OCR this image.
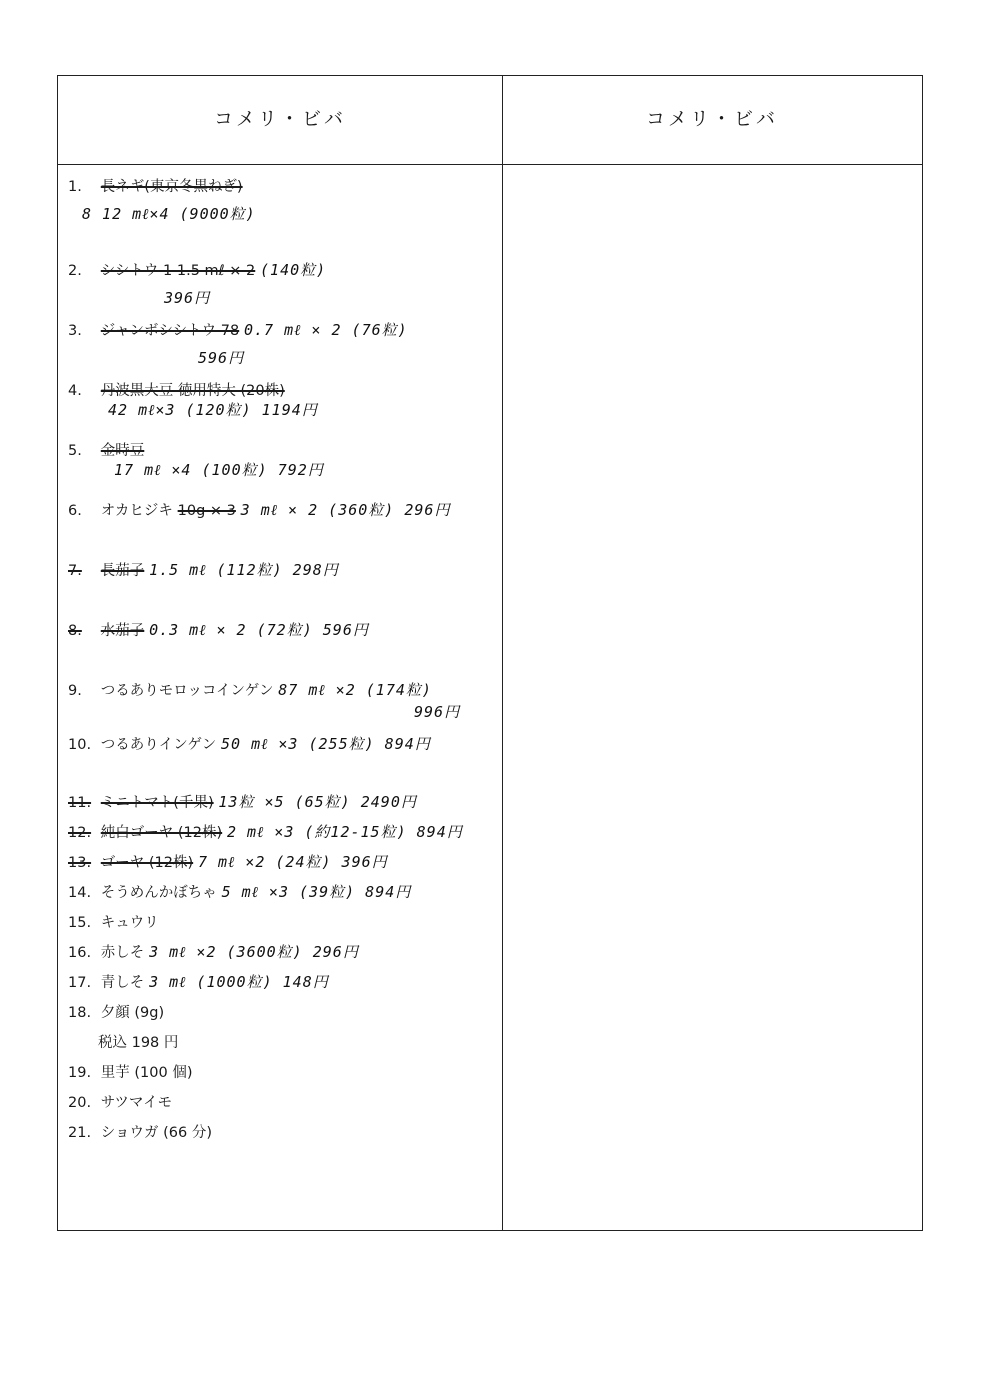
コメリ・ビバ	コメリ・ビバ
1. 長ネギ(東京冬黒ねぎ)
8 12 mℓ×4 (9000粒)
2. シシトウ 1 1.5 mℓ × 2 (140粒)
396円
3. ジャンボシシトウ 78 0.7 mℓ × 2 (76粒)
596円
4. 丹波黒大豆 徳用特大 (20株)
42 mℓ×3 (120粒) 1194円
5. 金時豆
17 mℓ ×4 (100粒) 792円
6. オカヒジキ 10g × 3 3 mℓ × 2 (360粒) 296円
7. 長茄子 1.5 mℓ (112粒) 298円
8. 水茄子 0.3 mℓ × 2 (72粒) 596円
9. つるありモロッコインゲン 87 mℓ ×2 (174粒)
996円
10. つるありインゲン 50 mℓ ×3 (255粒) 894円
11. ミニトマト(千果) 13粒 ×5 (65粒) 2490円
12. 純白ゴーヤ (12株) 2 mℓ ×3 (約12-15粒) 894円
13. ゴーヤ (12株) 7 mℓ ×2 (24粒) 396円
14. そうめんかぼちゃ 5 mℓ ×3 (39粒) 894円
15. キュウリ
16. 赤しそ 3 mℓ ×2 (3600粒) 296円
17. 青しそ 3 mℓ (1000粒) 148円
18. 夕顔 (9g)
税込 198 円
19. 里芋 (100 個)
20. サツマイモ
21. ショウガ (66 分)
